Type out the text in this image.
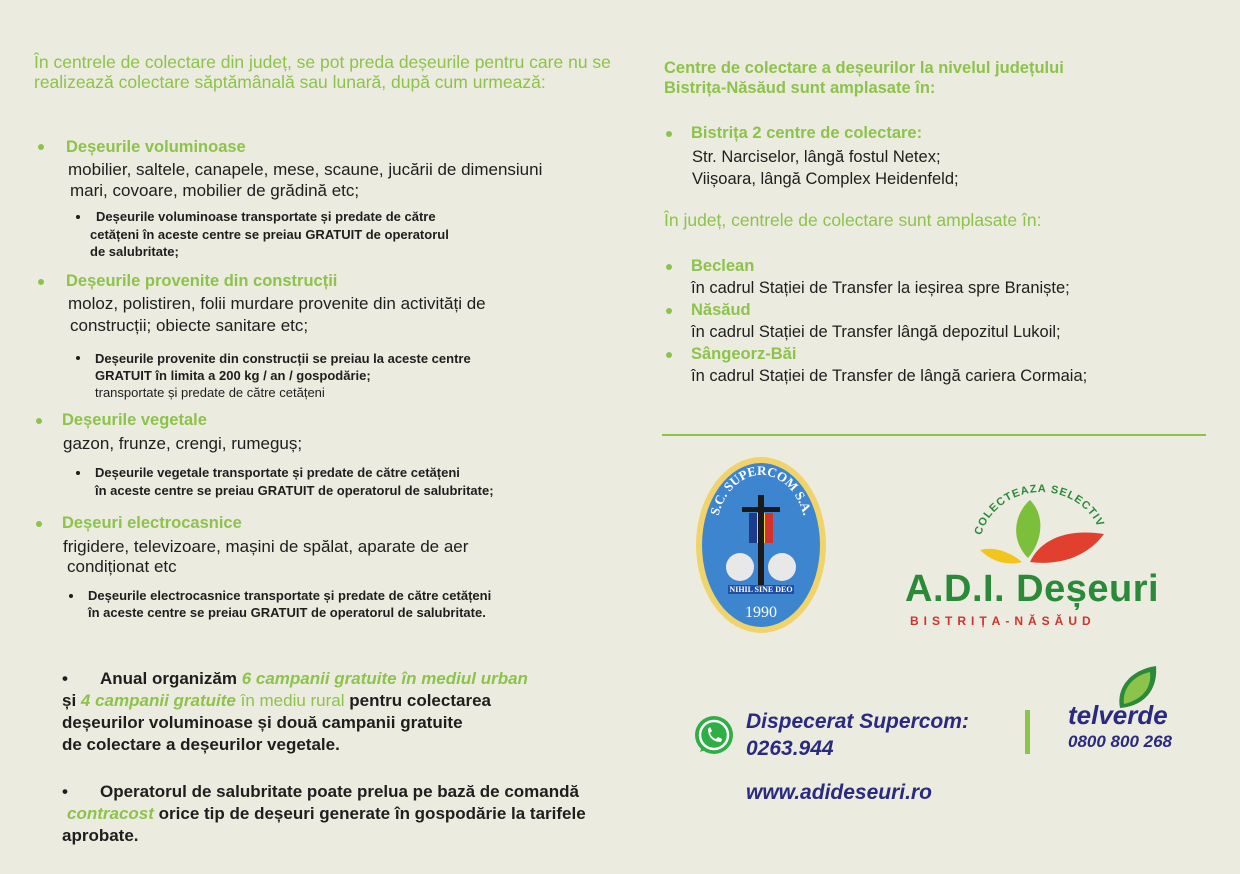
În centrele de colectare din județ, se pot preda deșeurile pentru care nu se realizează colectare săptămânală sau lunară, după cum urmează:
Deșeurile voluminoase
mobilier, saltele, canapele, mese, scaune, jucării de dimensiuni
mari, covoare, mobilier de grădină etc;
Deșeurile voluminoase transportate și predate de către
cetățeni în aceste centre se preiau GRATUIT de operatorul
de salubritate;
Deșeurile provenite din construcții
moloz, polistiren, folii murdare provenite din activități de
construcții; obiecte sanitare etc;
Deșeurile provenite din construcții se preiau la aceste centre
GRATUIT în limita a 200 kg / an / gospodărie;
transportate și predate de către cetățeni
Deșeurile vegetale
gazon, frunze, crengi, rumeguș;
Deșeurile vegetale transportate și predate de către cetățeni
în aceste centre se preiau GRATUIT de operatorul de salubritate;
Deșeuri electrocasnice
frigidere, televizoare, mașini de spălat, aparate de aer
condiționat etc
Deșeurile electrocasnice transportate și predate de către cetățeni
în aceste centre se preiau GRATUIT de operatorul de salubritate.
• Anual organizăm 6 campanii gratuite în mediul urban
și 4 campanii gratuite în mediu rural pentru colectarea
deșeurilor voluminoase și două campanii gratuite
de colectare a deșeurilor vegetale.
• Operatorul de salubritate poate prelua pe bază de comandă
contracost orice tip de deșeuri generate în gospodărie la tarifele
aprobate.
Centre de colectare a deșeurilor la nivelul județului
Bistrița-Năsăud sunt amplasate în:
Bistrița 2 centre de colectare:
Str. Narciselor, lângă fostul Netex;
Viișoara, lângă Complex Heidenfeld;
În județ, centrele de colectare sunt amplasate în:
Beclean
în cadrul Stației de Transfer la ieșirea spre Braniște;
Năsăud
în cadrul Stației de Transfer lângă depozitul Lukoil;
Sângeorz-Băi
în cadrul Stației de Transfer de lângă cariera Cormaia;
S.C. SUPERCOM S.A.
NIHIL SINE DEO
1990
COLECTEAZA SELECTIV
A.D.I. Deșeuri
BISTRIȚA-NĂSĂUD
Dispecerat Supercom:
0263.944
telverde
0800 800 268
www.adideseuri.ro
